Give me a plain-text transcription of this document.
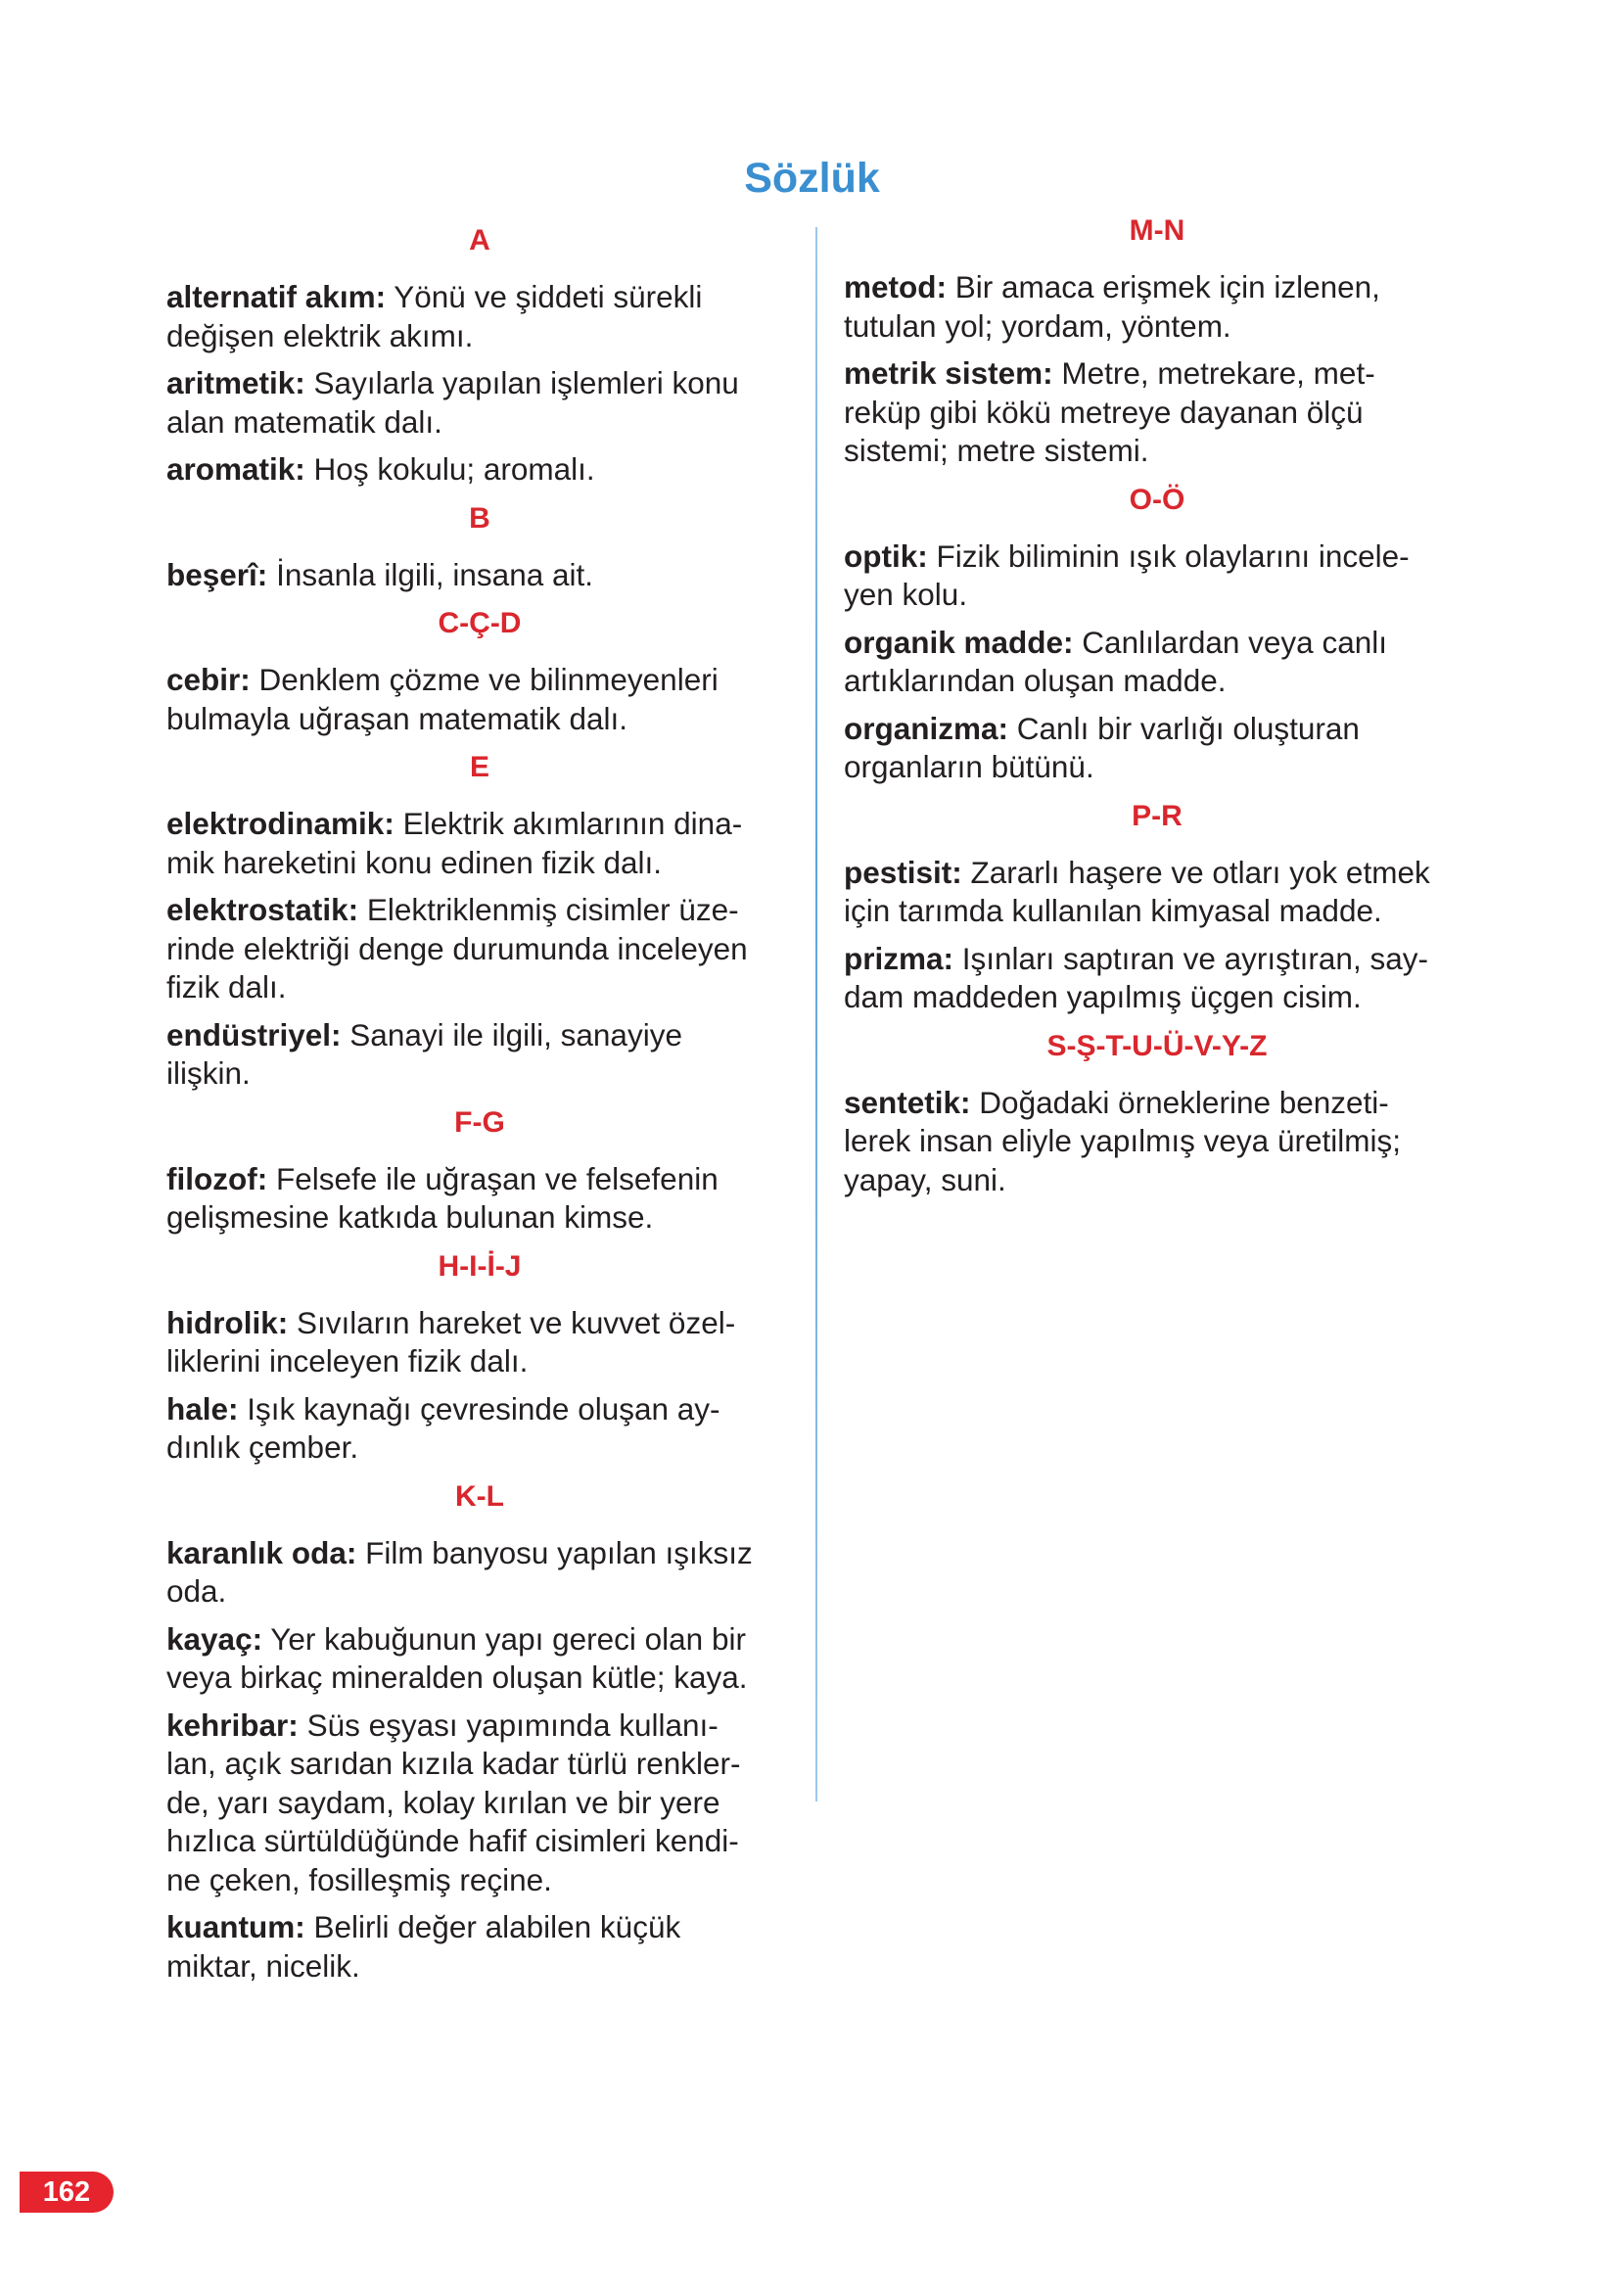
Sözlük
A
alternatif akım: Yönü ve şiddeti sürekli
değişen elektrik akımı.
aritmetik: Sayılarla yapılan işlemleri konu
alan matematik dalı.
aromatik: Hoş kokulu; aromalı.
B
beşerî: İnsanla ilgili, insana ait.
C-Ç-D
cebir: Denklem çözme ve bilinmeyenleri
bulmayla uğraşan matematik dalı.
E
elektrodinamik: Elektrik akımlarının dina-
mik hareketini konu edinen fizik dalı.
elektrostatik: Elektriklenmiş cisimler üze-
rinde elektriği denge durumunda inceleyen
fizik dalı.
endüstriyel: Sanayi ile ilgili, sanayiye
ilişkin.
F-G
filozof: Felsefe ile uğraşan ve felsefenin
gelişmesine katkıda bulunan kimse.
H-I-İ-J
hidrolik: Sıvıların hareket ve kuvvet özel-
liklerini inceleyen fizik dalı.
hale: Işık kaynağı çevresinde oluşan ay-
dınlık çember.
K-L
karanlık oda: Film banyosu yapılan ışıksız
oda.
kayaç: Yer kabuğunun yapı gereci olan bir
veya birkaç mineralden oluşan kütle; kaya.
kehribar: Süs eşyası yapımında kullanı-
lan, açık sarıdan kızıla kadar türlü renkler-
de, yarı saydam, kolay kırılan ve bir yere
hızlıca sürtüldüğünde hafif cisimleri kendi-
ne çeken, fosilleşmiş reçine.
kuantum: Belirli değer alabilen küçük
miktar, nicelik.
M-N
metod: Bir amaca erişmek için izlenen,
tutulan yol; yordam, yöntem.
metrik sistem: Metre, metrekare, met-
reküp gibi kökü metreye dayanan ölçü
sistemi; metre sistemi.
O-Ö
optik: Fizik biliminin ışık olaylarını incele-
yen kolu.
organik madde: Canlılardan veya canlı
artıklarından oluşan madde.
organizma: Canlı bir varlığı oluşturan
organların bütünü.
P-R
pestisit: Zararlı haşere ve otları yok etmek
için tarımda kullanılan kimyasal madde.
prizma: Işınları saptıran ve ayrıştıran, say-
dam maddeden yapılmış üçgen cisim.
S-Ş-T-U-Ü-V-Y-Z
sentetik: Doğadaki örneklerine benzeti-
lerek insan eliyle yapılmış veya üretilmiş;
yapay, suni.
162
